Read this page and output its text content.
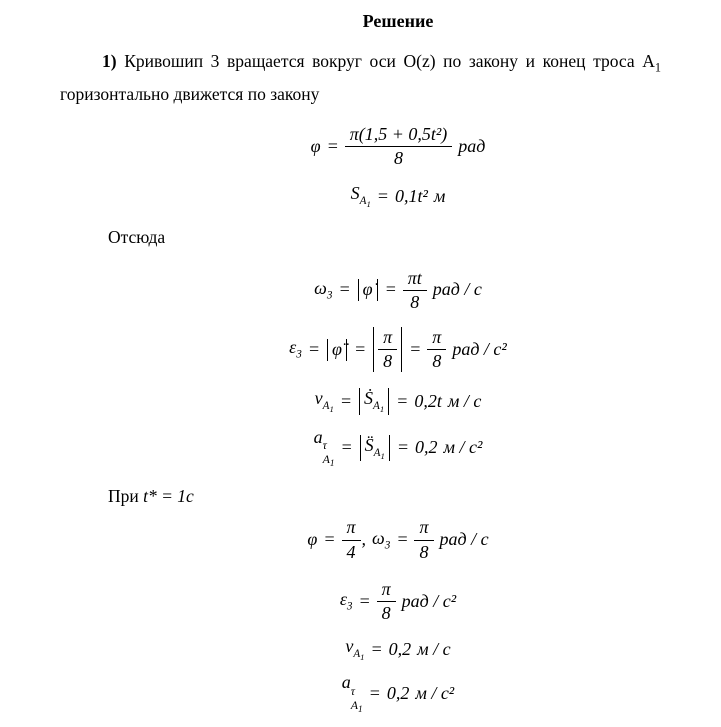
Решение

1) Кривошип 3 вращается вокруг оси O(z) по закону и конец троса $A_1$ горизонтально движется по закону

$\varphi = \frac{\text{π(1,5 + 0,5t²)}}{8}$ рад
$S_{A_1} = 0,1t^2$ м
Отсюда
$\omega_3$ = φ̇ = $\frac{\pi t}{8}$ рад / с
$\varepsilon_3$ = φ̈ = $\frac{\pi}{8} = \frac{\pi}{8}$ рад / с²
$v_{A_1}$ = Ṡ$_{A_1}$ = 0,2t м / с
a τ
$A_1$
= $S̈_{A_1} = 0,2$ м / с²
При t* = 1с
$\varphi = \frac{\pi}{4}$ , $\omega_3 = \frac{\pi}{8}$ рад / с
$\varepsilon_3 = \frac{\pi}{8}$ рад / с²
$v_{A_1} = 0,2$ м / с
a τ
$A_1$
= 0,2 м / с²
